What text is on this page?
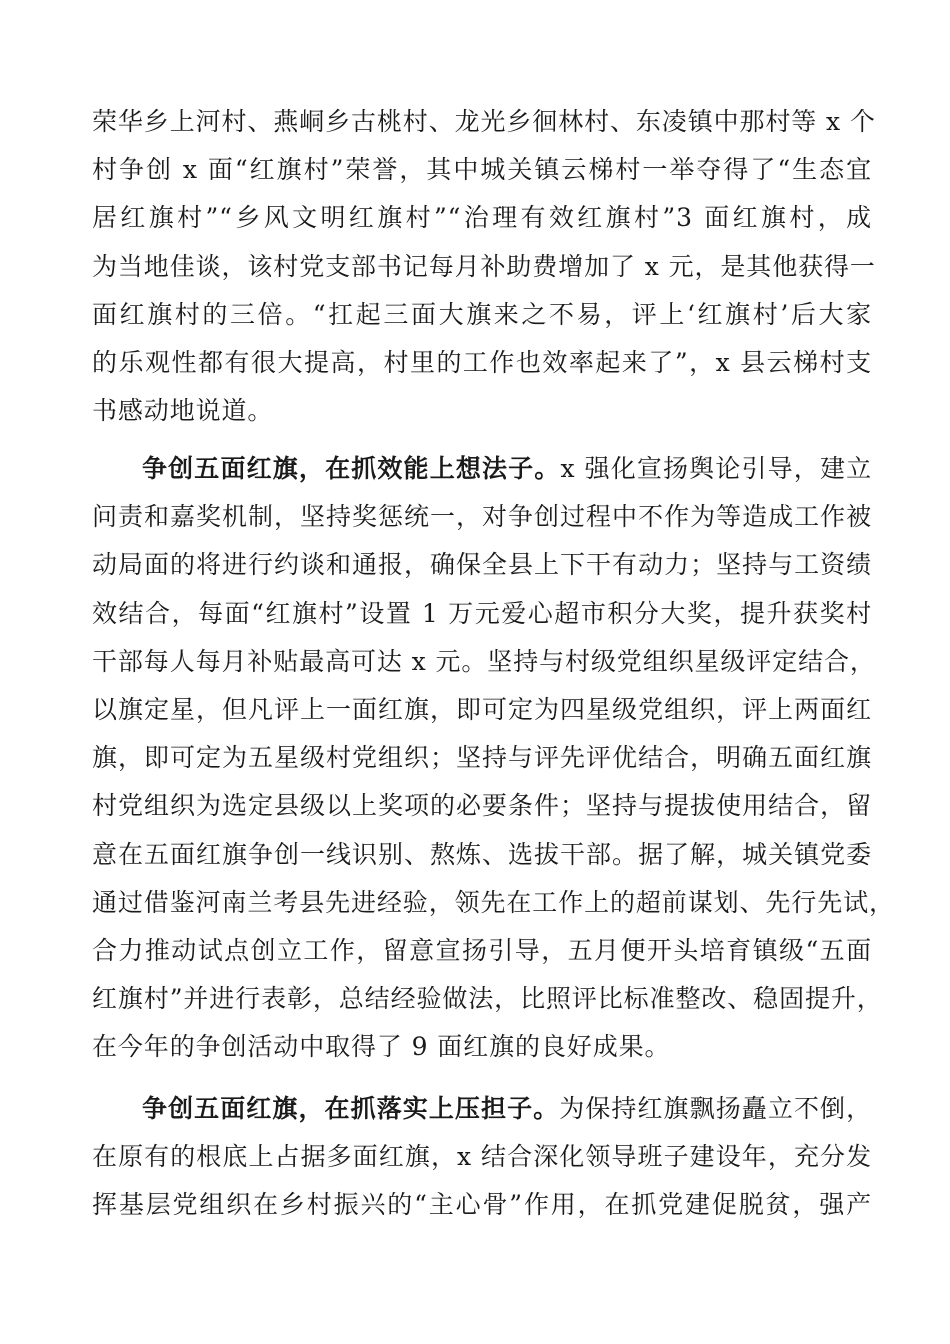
荣华乡上河村、燕峒乡古桃村、龙光乡徊林村、东凌镇中那村等 x 个
村争创 x 面“红旗村”荣誉，其中城关镇云梯村一举夺得了“生态宜
居红旗村”“乡风文明红旗村”“治理有效红旗村”3 面红旗村，成
为当地佳谈，该村党支部书记每月补助费增加了 x 元，是其他获得一
面红旗村的三倍。“扛起三面大旗来之不易，评上‘红旗村’后大家
的乐观性都有很大提高，村里的工作也效率起来了”，x 县云梯村支
书感动地说道。
争创五面红旗，在抓效能上想法子。x 强化宣扬舆论引导，建立
问责和嘉奖机制，坚持奖惩统一，对争创过程中不作为等造成工作被
动局面的将进行约谈和通报，确保全县上下干有动力；坚持与工资绩
效结合，每面“红旗村”设置 1 万元爱心超市积分大奖，提升获奖村
干部每人每月补贴最高可达 x 元。坚持与村级党组织星级评定结合，
以旗定星，但凡评上一面红旗，即可定为四星级党组织，评上两面红
旗，即可定为五星级村党组织；坚持与评先评优结合，明确五面红旗
村党组织为选定县级以上奖项的必要条件；坚持与提拔使用结合，留
意在五面红旗争创一线识别、熬炼、选拔干部。据了解，城关镇党委
通过借鉴河南兰考县先进经验，领先在工作上的超前谋划、先行先试，
合力推动试点创立工作，留意宣扬引导，五月便开头培育镇级“五面
红旗村”并进行表彰，总结经验做法，比照评比标准整改、稳固提升，
在今年的争创活动中取得了 9 面红旗的良好成果。
争创五面红旗，在抓落实上压担子。为保持红旗飘扬矗立不倒，
在原有的根底上占据多面红旗，x 结合深化领导班子建设年，充分发
挥基层党组织在乡村振兴的“主心骨”作用，在抓党建促脱贫，强产
